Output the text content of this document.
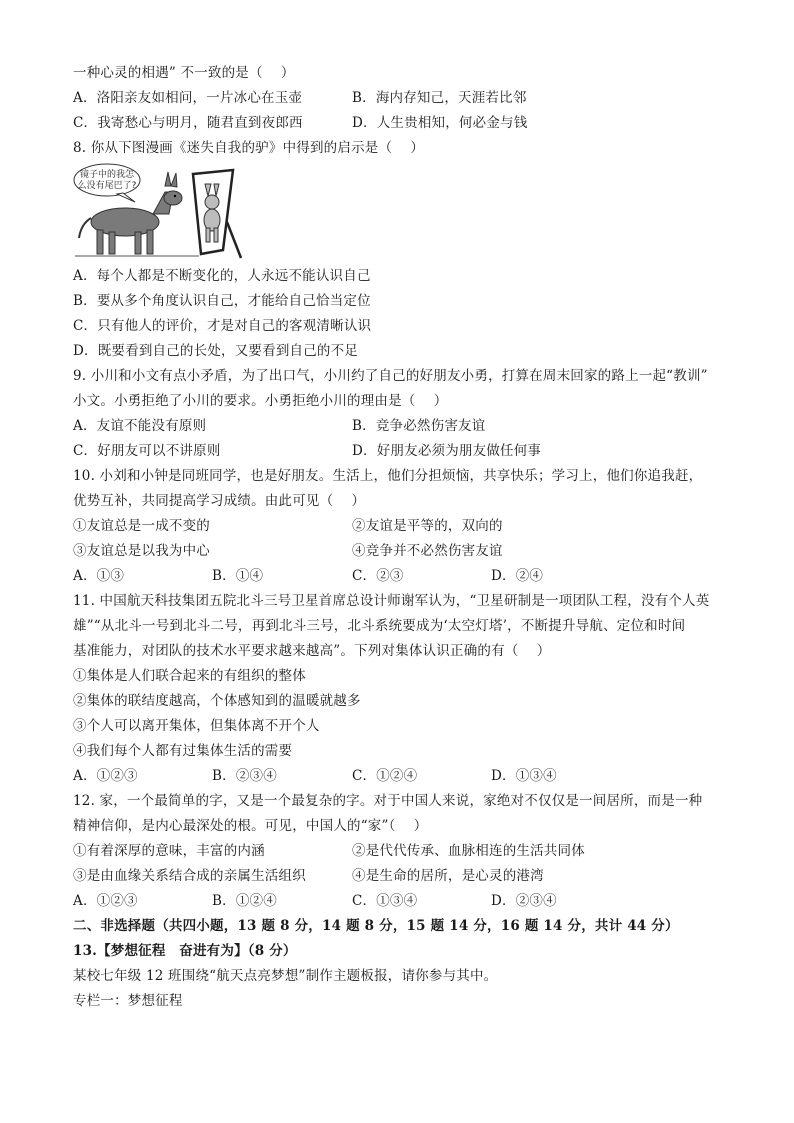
一种心灵的相遇” 不一致的是（　 ）
A．洛阳亲友如相问，一片冰心在玉壶	B．海内存知己，天涯若比邻
C．我寄愁心与明月，随君直到夜郎西	D．人生贵相知，何必金与钱
8. 你从下图漫画《迷失自我的驴》中得到的启示是（　 ）
镜子中的我怎
么没有尾巴了?
A．每个人都是不断变化的，人永远不能认识自己
B．要从多个角度认识自己，才能给自己恰当定位
C．只有他人的评价，才是对自己的客观清晰认识
D．既要看到自己的长处，又要看到自己的不足
9. 小川和小文有点小矛盾，为了出口气，小川约了自己的好朋友小勇，打算在周末回家的路上一起“教训”
小文。小勇拒绝了小川的要求。小勇拒绝小川的理由是（　 ）
A．友谊不能没有原则	B．竞争必然伤害友谊
C．好朋友可以不讲原则	D．好朋友必须为朋友做任何事
10. 小刘和小钟是同班同学，也是好朋友。生活上，他们分担烦恼，共享快乐；学习上，他们你追我赶，
优势互补，共同提高学习成绩。由此可见（　 ）
①友谊总是一成不变的	②友谊是平等的，双向的
③友谊总是以我为中心	④竞争并不必然伤害友谊
A．①③	B．①④	C．②③	D．②④
11. 中国航天科技集团五院北斗三号卫星首席总设计师谢军认为，“卫星研制是一项团队工程，没有个人英
雄”“从北斗一号到北斗二号，再到北斗三号，北斗系统要成为‘太空灯塔’，不断提升导航、定位和时间
基准能力，对团队的技术水平要求越来越高”。下列对集体认识正确的有（　 ）
①集体是人们联合起来的有组织的整体
②集体的联结度越高，个体感知到的温暖就越多
③个人可以离开集体，但集体离不开个人
④我们每个人都有过集体生活的需要
A．①②③	B．②③④	C．①②④	D．①③④
12. 家，一个最简单的字，又是一个最复杂的字。对于中国人来说，家绝对不仅仅是一间居所，而是一种
精神信仰，是内心最深处的根。可见，中国人的“家”（　 ）
①有着深厚的意味，丰富的内涵	②是代代传承、血脉相连的生活共同体
③是由血缘关系结合成的亲属生活组织	④是生命的居所，是心灵的港湾
A．①②③	B．①②④	C．①③④	D．②③④
二、非选择题（共四小题，13 题 8 分，14 题 8 分，15 题 14 分，16 题 14 分，共计 44 分）
13.【梦想征程　奋进有为】（8 分）
某校七年级 12 班围绕“航天点亮梦想”制作主题板报，请你参与其中。
专栏一：梦想征程
